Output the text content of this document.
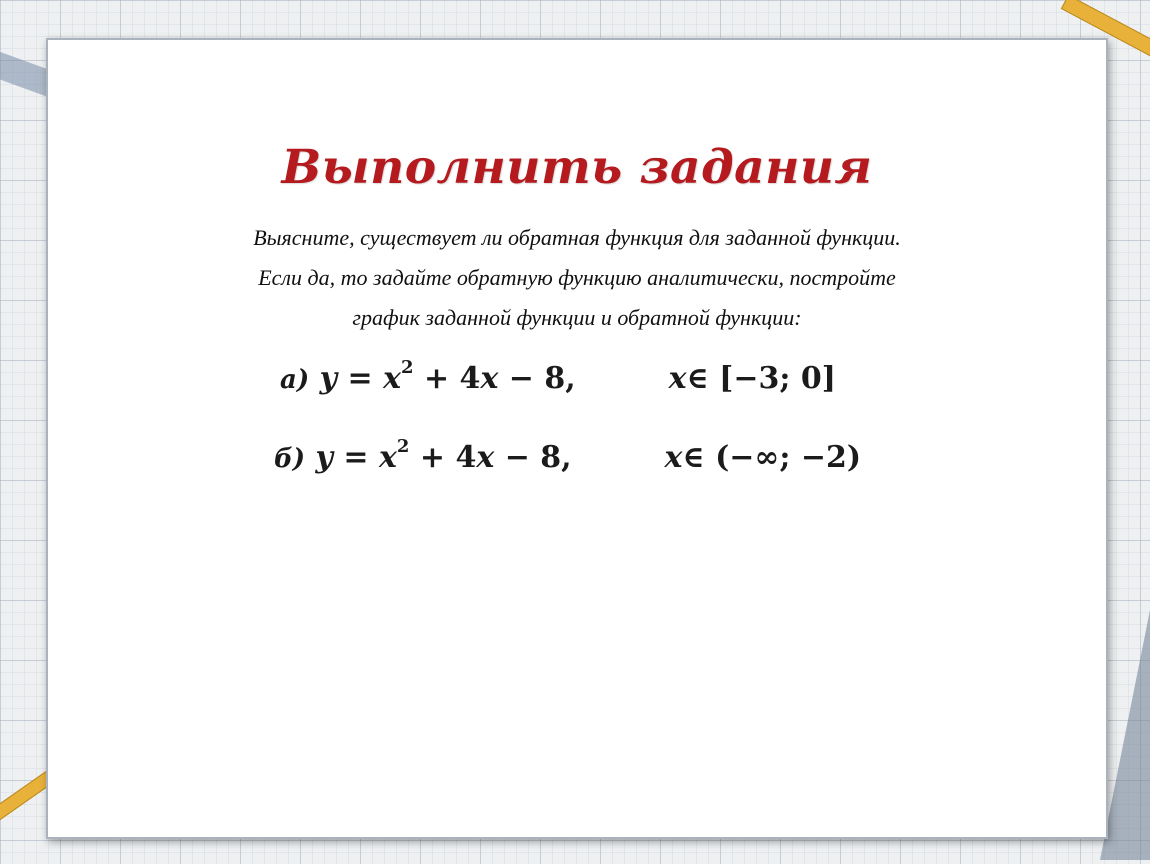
Выполнить задания
Выясните, существует ли обратная функция для заданной функции.
Если да, то задайте обратную функцию аналитически, постройте
график заданной функции и обратной функции:
а) $y = x^2 + 4x - 8$,	x∈ [−3; 0]
б) $y = x^2 + 4x - 8$,	x∈ (−∞; −2)
